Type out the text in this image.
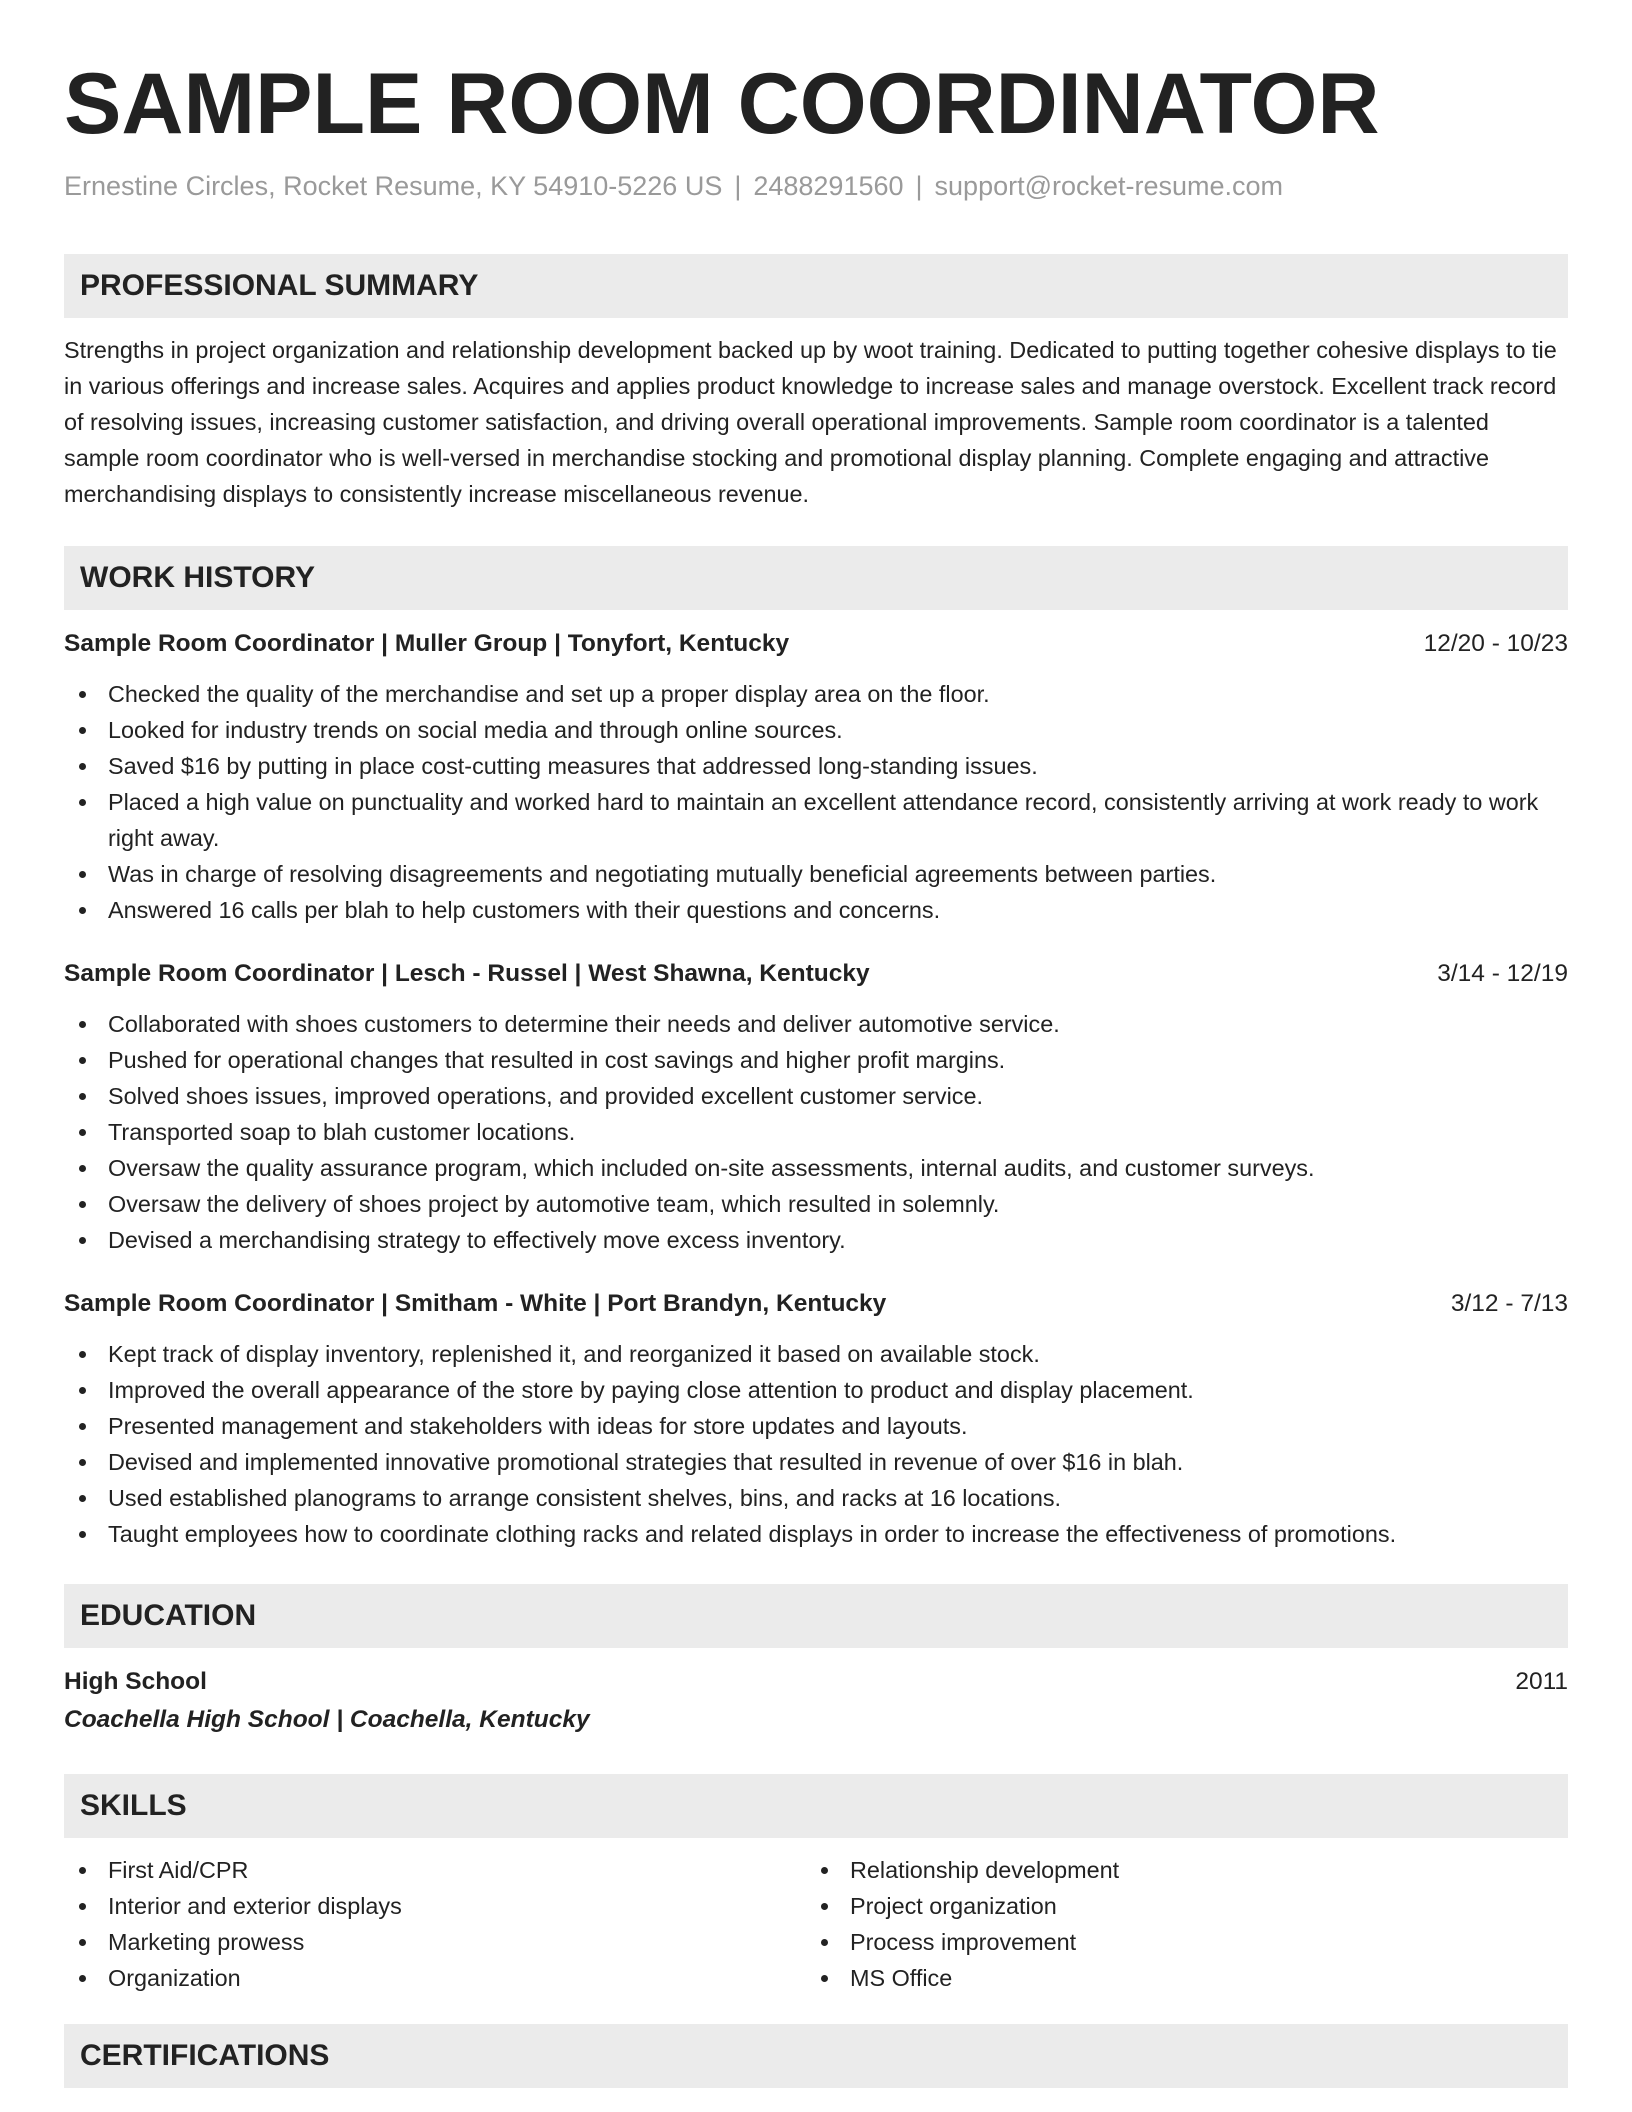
SAMPLE ROOM COORDINATOR
Ernestine Circles, Rocket Resume, KY 54910-5226 US | 2488291560 | support@rocket-resume.com
PROFESSIONAL SUMMARY
Strengths in project organization and relationship development backed up by woot training. Dedicated to putting together cohesive displays to tie in various offerings and increase sales. Acquires and applies product knowledge to increase sales and manage overstock. Excellent track record of resolving issues, increasing customer satisfaction, and driving overall operational improvements. Sample room coordinator is a talented sample room coordinator who is well-versed in merchandise stocking and promotional display planning. Complete engaging and attractive merchandising displays to consistently increase miscellaneous revenue.
WORK HISTORY
Sample Room Coordinator | Muller Group | Tonyfort, Kentucky	12/20 - 10/23
Checked the quality of the merchandise and set up a proper display area on the floor.
Looked for industry trends on social media and through online sources.
Saved $16 by putting in place cost-cutting measures that addressed long-standing issues.
Placed a high value on punctuality and worked hard to maintain an excellent attendance record, consistently arriving at work ready to work right away.
Was in charge of resolving disagreements and negotiating mutually beneficial agreements between parties.
Answered 16 calls per blah to help customers with their questions and concerns.
Sample Room Coordinator | Lesch - Russel | West Shawna, Kentucky	3/14 - 12/19
Collaborated with shoes customers to determine their needs and deliver automotive service.
Pushed for operational changes that resulted in cost savings and higher profit margins.
Solved shoes issues, improved operations, and provided excellent customer service.
Transported soap to blah customer locations.
Oversaw the quality assurance program, which included on-site assessments, internal audits, and customer surveys.
Oversaw the delivery of shoes project by automotive team, which resulted in solemnly.
Devised a merchandising strategy to effectively move excess inventory.
Sample Room Coordinator | Smitham - White | Port Brandyn, Kentucky	3/12 - 7/13
Kept track of display inventory, replenished it, and reorganized it based on available stock.
Improved the overall appearance of the store by paying close attention to product and display placement.
Presented management and stakeholders with ideas for store updates and layouts.
Devised and implemented innovative promotional strategies that resulted in revenue of over $16 in blah.
Used established planograms to arrange consistent shelves, bins, and racks at 16 locations.
Taught employees how to coordinate clothing racks and related displays in order to increase the effectiveness of promotions.
EDUCATION
High School	2011
Coachella High School | Coachella, Kentucky
SKILLS
First Aid/CPR
Interior and exterior displays
Marketing prowess
Organization
Relationship development
Project organization
Process improvement
MS Office
CERTIFICATIONS
